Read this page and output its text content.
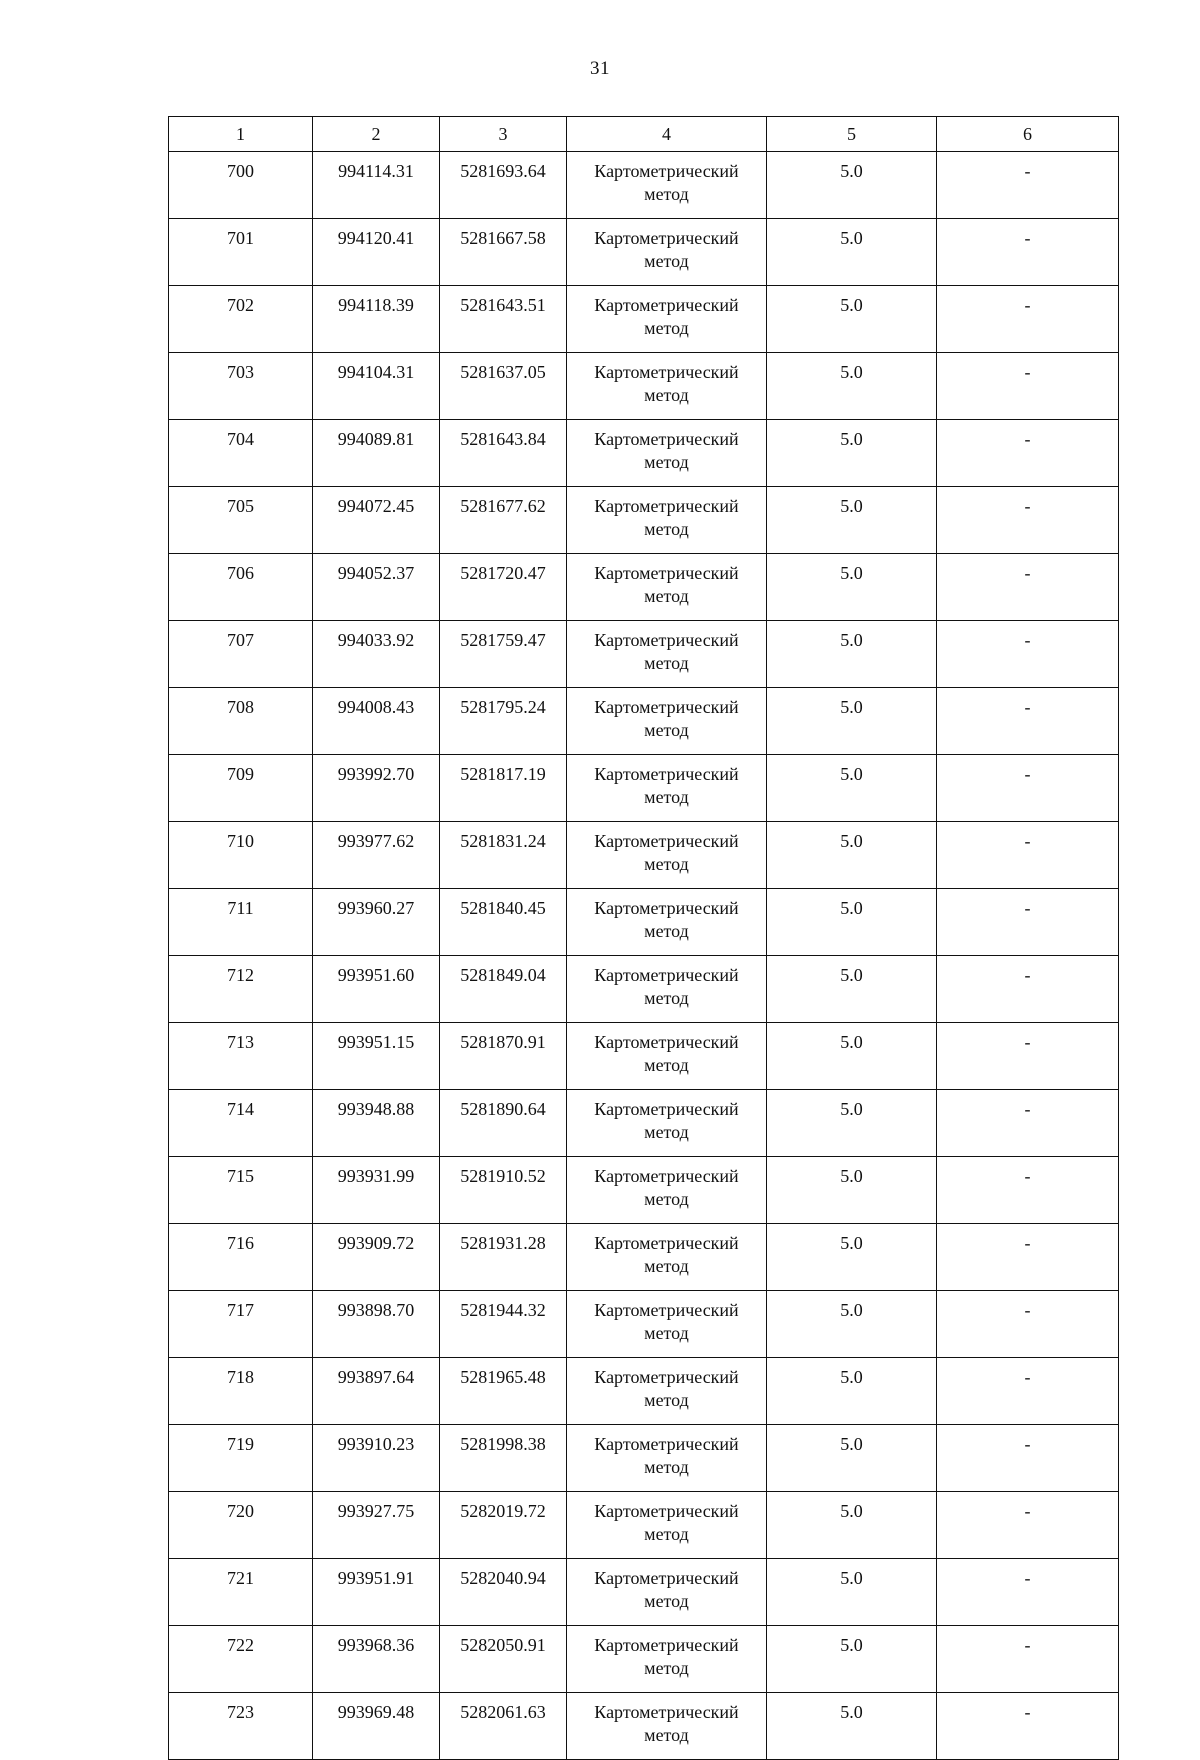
31
1	2	3	4	5	6
700	994114.31	5281693.64	Картометрический метод	5.0	-
701	994120.41	5281667.58	Картометрический метод	5.0	-
702	994118.39	5281643.51	Картометрический метод	5.0	-
703	994104.31	5281637.05	Картометрический метод	5.0	-
704	994089.81	5281643.84	Картометрический метод	5.0	-
705	994072.45	5281677.62	Картометрический метод	5.0	-
706	994052.37	5281720.47	Картометрический метод	5.0	-
707	994033.92	5281759.47	Картометрический метод	5.0	-
708	994008.43	5281795.24	Картометрический метод	5.0	-
709	993992.70	5281817.19	Картометрический метод	5.0	-
710	993977.62	5281831.24	Картометрический метод	5.0	-
711	993960.27	5281840.45	Картометрический метод	5.0	-
712	993951.60	5281849.04	Картометрический метод	5.0	-
713	993951.15	5281870.91	Картометрический метод	5.0	-
714	993948.88	5281890.64	Картометрический метод	5.0	-
715	993931.99	5281910.52	Картометрический метод	5.0	-
716	993909.72	5281931.28	Картометрический метод	5.0	-
717	993898.70	5281944.32	Картометрический метод	5.0	-
718	993897.64	5281965.48	Картометрический метод	5.0	-
719	993910.23	5281998.38	Картометрический метод	5.0	-
720	993927.75	5282019.72	Картометрический метод	5.0	-
721	993951.91	5282040.94	Картометрический метод	5.0	-
722	993968.36	5282050.91	Картометрический метод	5.0	-
723	993969.48	5282061.63	Картометрический метод	5.0	-
